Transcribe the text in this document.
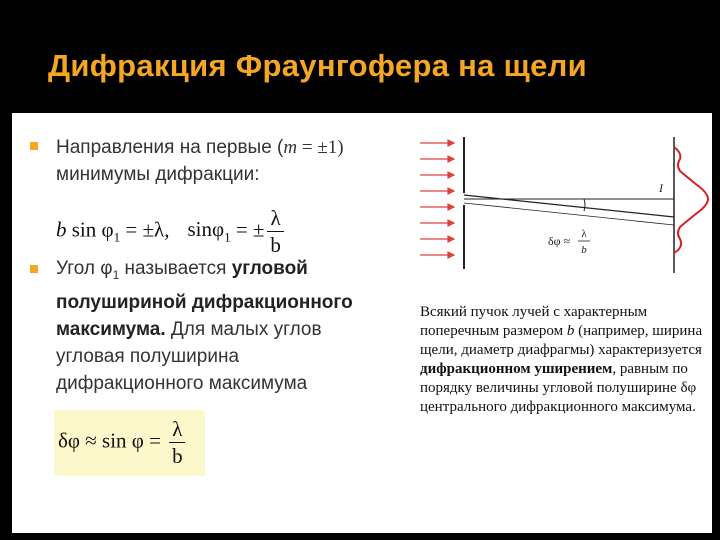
Дифракция Фраунгофера на щели
Направления на первые (m = ±1)
минимумы дифракции:
b $\sin \varphi_1 = \pm\lambda$, sinφ$_1$ = ± $\frac{\lambda}{b}$
Угол $\varphi_1$ называется угловой
полушириной дифракционного
максимума. Для малых углов
угловая полуширина
дифракционного максимума
$\delta\varphi \approx \sin \varphi = \frac{\lambda}{b}$
I
δφ ≈ λ
b
Всякий пучок лучей с характерным поперечным размером b (например, ширина щели, диаметр диафрагмы) характеризуется дифракционном уширением, равным по порядку величины угловой полуширине δφ центрального дифракционного максимума.
